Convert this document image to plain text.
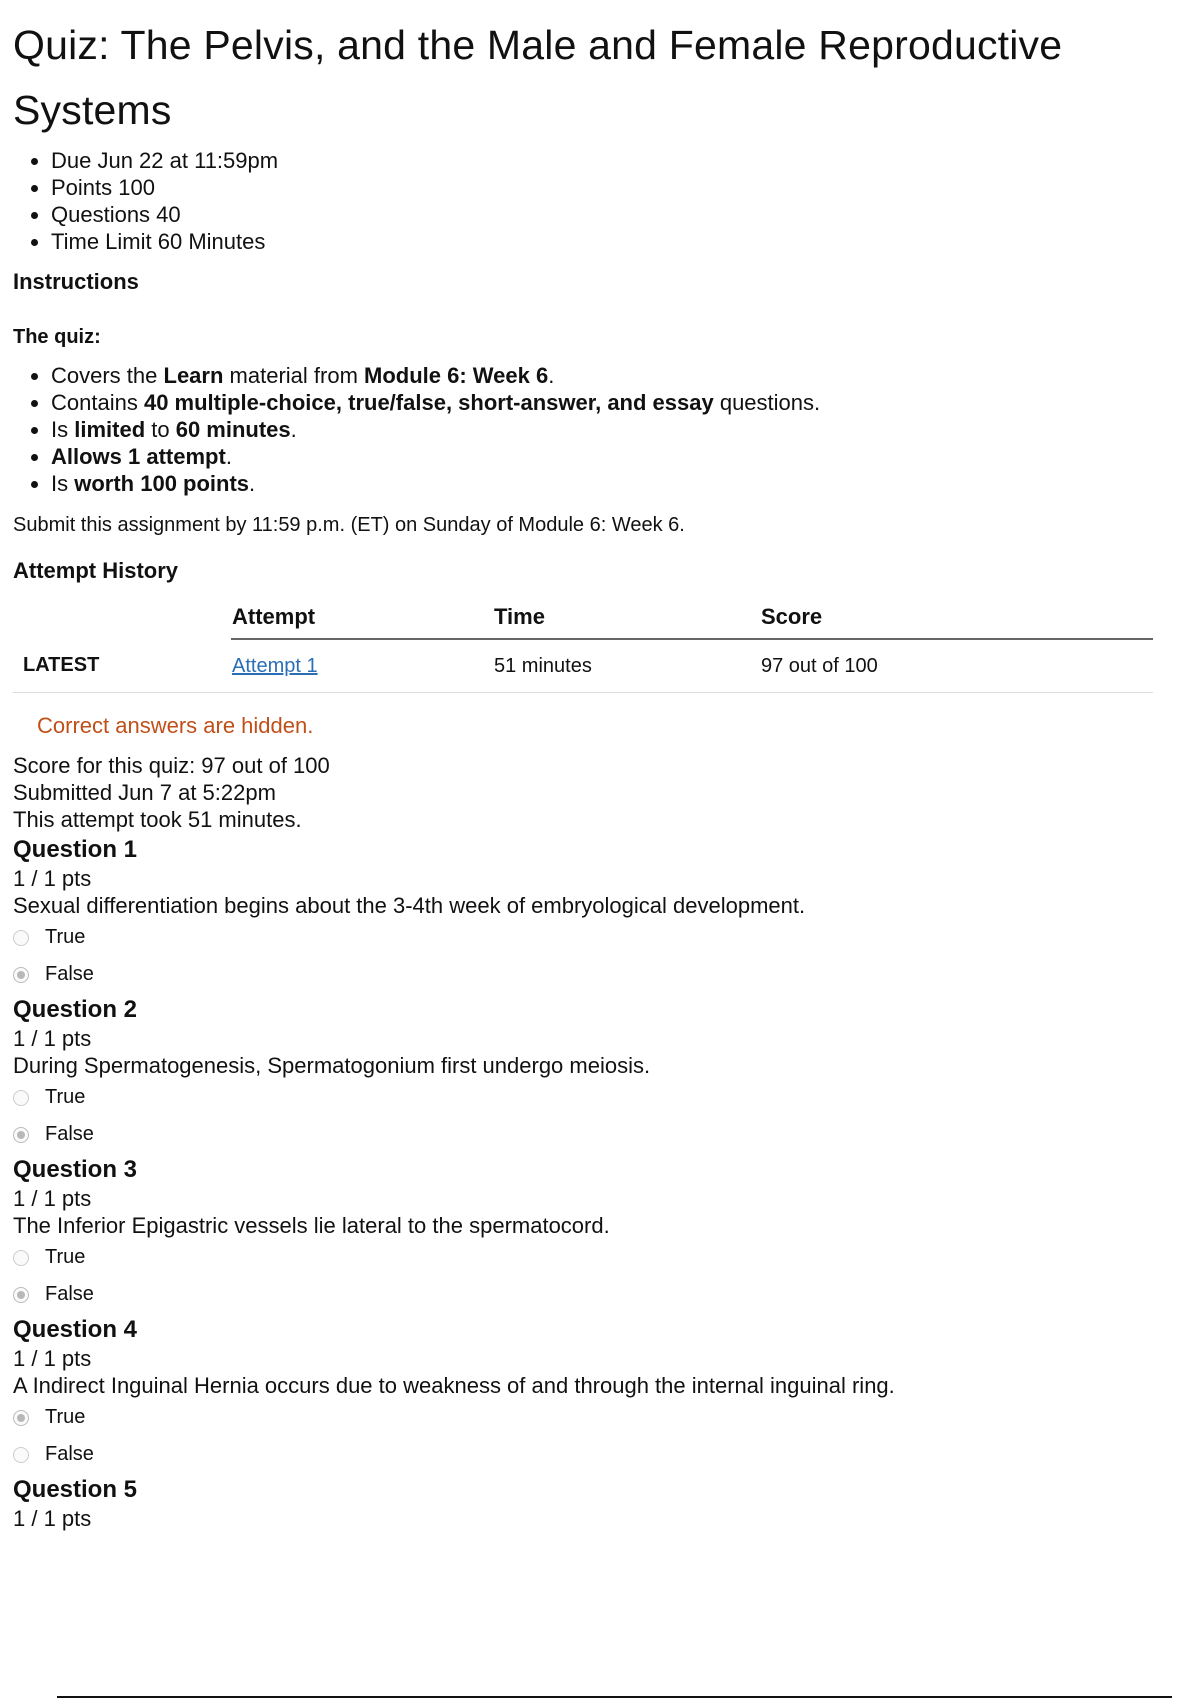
Quiz: The Pelvis, and the Male and Female Reproductive Systems
• Due Jun 22 at 11:59pm
• Points 100
• Questions 40
• Time Limit 60 Minutes
Instructions
The quiz:
• Covers the Learn material from Module 6: Week 6.
• Contains 40 multiple-choice, true/false, short-answer, and essay questions.
• Is limited to 60 minutes.
• Allows 1 attempt.
• Is worth 100 points.
Submit this assignment by 11:59 p.m. (ET) on Sunday of Module 6: Week 6.
Attempt History
	Attempt	Time	Score
LATEST	Attempt 1	51 minutes	97 out of 100
Correct answers are hidden.
Score for this quiz: 97 out of 100
Submitted Jun 7 at 5:22pm
This attempt took 51 minutes.
Question 1
1 / 1 pts
Sexual differentiation begins about the 3-4th week of embryological development.
True
False
Question 2
1 / 1 pts
During Spermatogenesis, Spermatogonium first undergo meiosis.
True
False
Question 3
1 / 1 pts
The Inferior Epigastric vessels lie lateral to the spermatocord.
True
False
Question 4
1 / 1 pts
A Indirect Inguinal Hernia occurs due to weakness of and through the internal inguinal ring.
True
False
Question 5
1 / 1 pts
